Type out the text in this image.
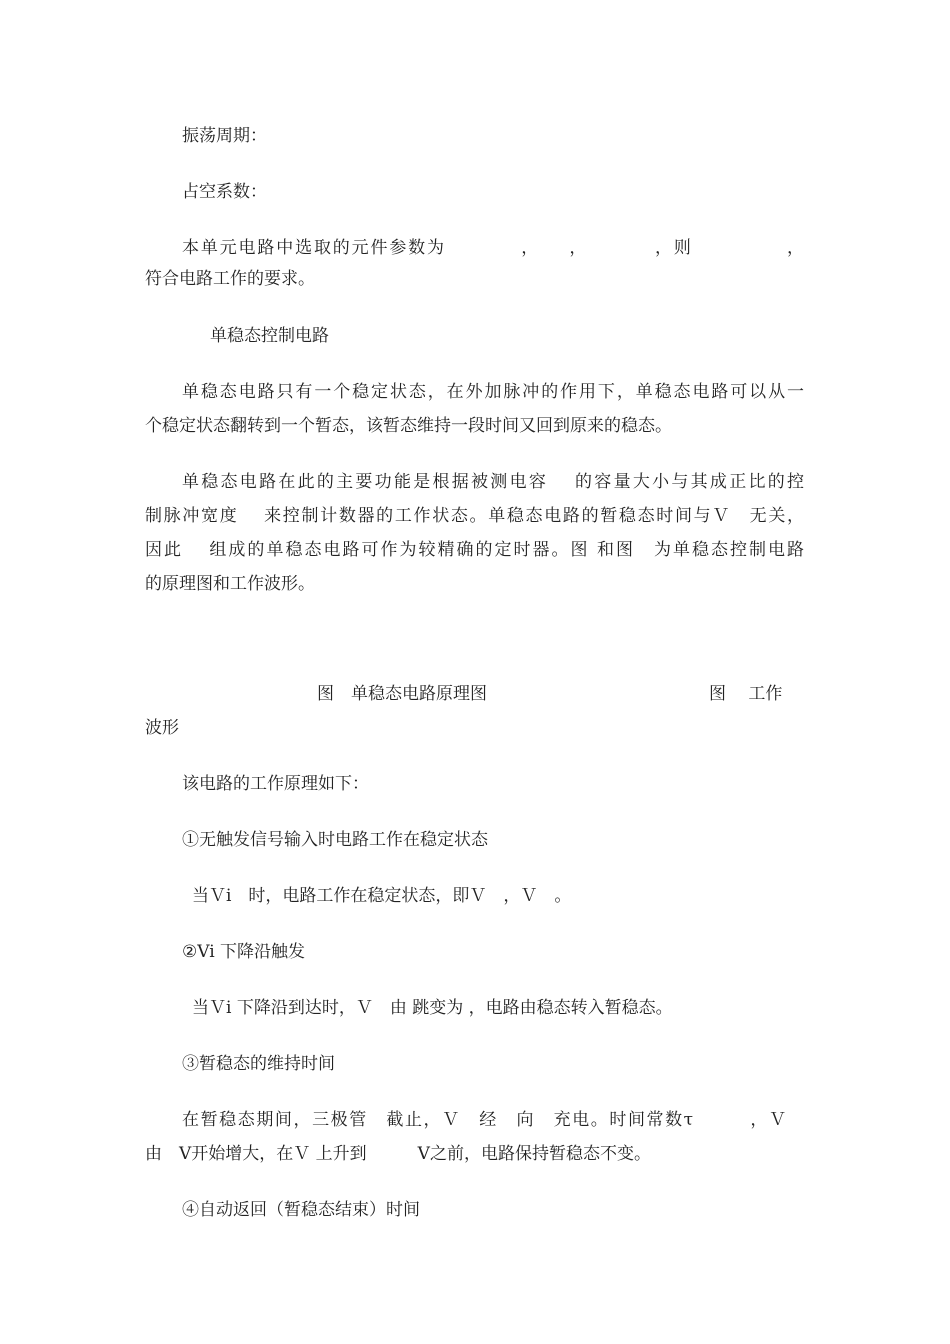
振荡周期：
占空系数：
本单元电路中选取的元件参数为　　　　，　　，　　　　，则　　　　　，
符合电路工作的要求。
单稳态控制电路
单稳态电路只有一个稳定状态，在外加脉冲的作用下，单稳态电路可以从一
个稳定状态翻转到一个暂态，该暂态维持一段时间又回到原来的稳态。
单稳态电路在此的主要功能是根据被测电容　 的容量大小与其成正比的控
制脉冲宽度　 来控制计数器的工作状态。单稳态电路的暂稳态时间与Ｖ　无关，
因此　 组成的单稳态电路可作为较精确的定时器。图 和图　为单稳态控制电路
的原理图和工作波形。
图　单稳态电路原理图	图　 工作
波形
该电路的工作原理如下：
①无触发信号输入时电路工作在稳定状态
当Ｖi　时，电路工作在稳定状态，即Ｖ　，Ｖ　。
②Vi 下降沿触发
当Ｖi 下降沿到达时，Ｖ　由 跳变为 ，电路由稳态转入暂稳态。
③暂稳态的维持时间
在暂稳态期间，三极管　截止，Ｖ　经　向　充电。时间常数τ　　　，Ｖ
由　V开始增大，在Ｖ 上升到　　　V之前，电路保持暂稳态不变。
④自动返回（暂稳态结束）时间
